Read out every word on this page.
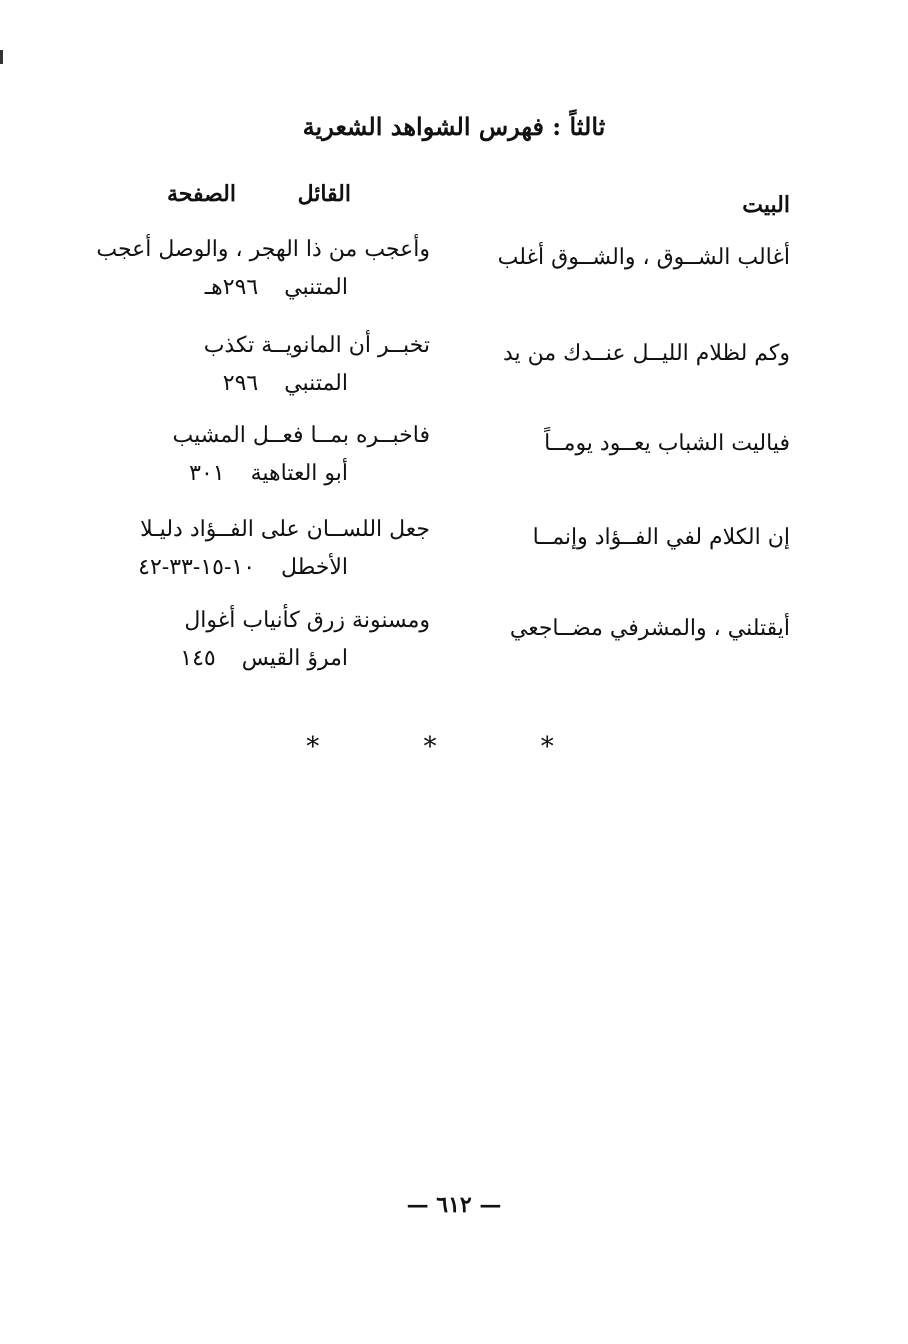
ثالثاً : فهرس الشواهد الشعرية
البيت
القائل
الصفحة
أغالب الشــوق ، والشــوق أغلب
وأعجب من ذا الهجر ، والوصل أعجب
المتنبي٢٩٦هـ
وكم لظلام الليــل عنــدك من يد
تخبــر أن المانويــة تكذب
المتنبي٢٩٦
فياليت الشباب يعــود يومــاً
فاخبــره بمــا فعــل المشيب
أبو العتاهية٣٠١
إن الكلام لفي الفــؤاد وإنمــا
جعل اللســان على الفــؤاد دليـلا
الأخطل١٠-١٥-٣٣-٤٢
أيقتلني ، والمشرفي مضــاجعي
ومسنونة زرق كأنياب أغوال
امرؤ القيس١٤٥
* * *
— ٦١٢ —
